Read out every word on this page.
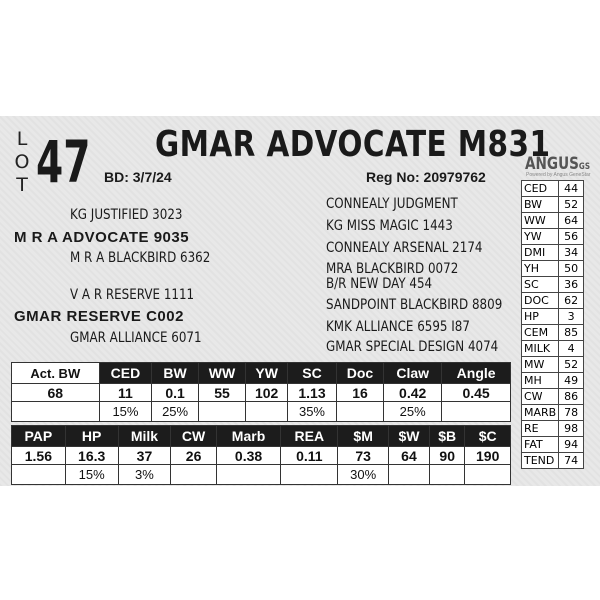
L
O
T 47 GMAR ADVOCATE M831
BD: 3/7/24	Reg No: 20979762
ANGUSGS
Powered by Angus GeneStar
KG JUSTIFIED 3023
M R A ADVOCATE 9035
M R A BLACKBIRD 6362
V A R RESERVE 1111
GMAR RESERVE C002
GMAR ALLIANCE 6071
CONNEALY JUDGMENT
KG MISS MAGIC 1443
CONNEALY ARSENAL 2174
MRA BLACKBIRD 0072
B/R NEW DAY 454
SANDPOINT BLACKBIRD 8809
KMK ALLIANCE 6595 I87
GMAR SPECIAL DESIGN 4074
CED	44
BW	52
WW	64
YW	56
DMI	34
YH	50
SC	36
DOC	62
HP	3
CEM	85
MILK	4
MW	52
MH	49
CW	86
MARB	78
RE	98
FAT	94
TEND	74
Act. BW	CED	BW	WW	YW	SC	Doc	Claw	Angle
68	11	0.1	55	102	1.13	16	0.42	0.45
	15%	25%			35%		25%	
PAP	HP	Milk	CW	Marb	REA	$M	$W	$B	$C
1.56	16.3	37	26	0.38	0.11	73	64	90	190
	15%	3%				30%			
